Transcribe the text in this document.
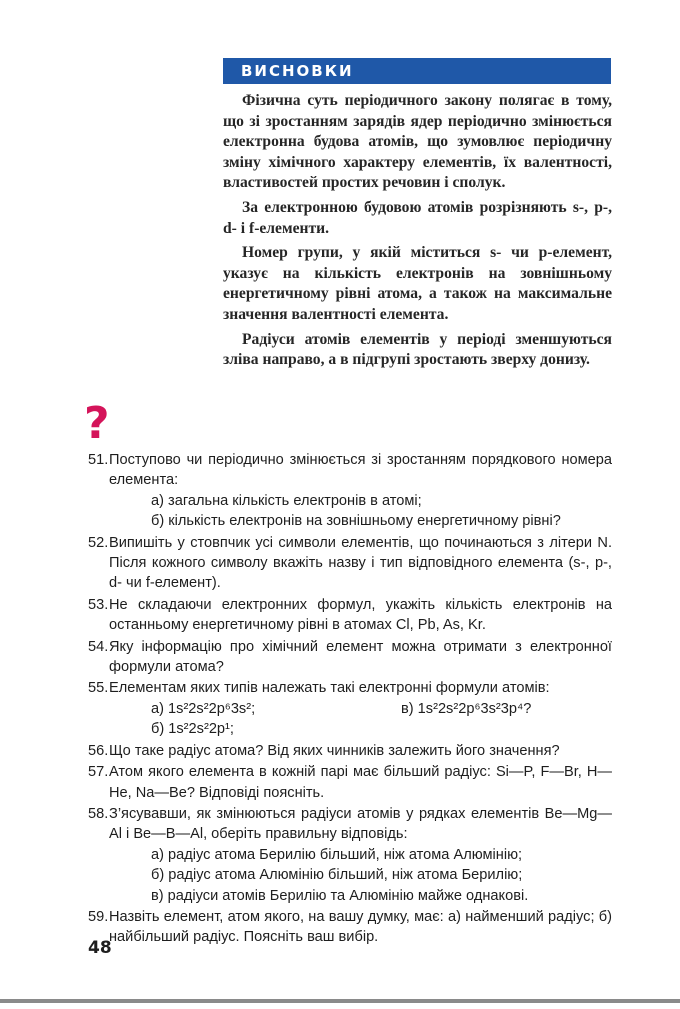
ВИСНОВКИ

Фізична суть періодичного закону полягає в тому, що зі зростанням зарядів ядер періодично змінюється електронна будова атомів, що зумовлює періодичну зміну хімічного характеру елементів, їх валентності, властивостей простих речовин і сполук.

За електронною будовою атомів розрізняють s-, p-, d- і f-елементи.

Номер групи, у якій міститься s- чи p-елемент, указує на кількість електронів на зовнішньому енергетичному рівні атома, а також на максимальне значення валентності елемента.

Радіуси атомів елементів у періоді зменшуються зліва направо, а в підгрупі зростають зверху донизу.

?
51. Поступово чи періодично змінюється зі зростанням порядкового номера елемента:
а) загальна кількість електронів в атомі;
б) кількість електронів на зовнішньому енергетичному рівні?
52. Випишіть у стовпчик усі символи елементів, що починаються з літери N. Після кожного символу вкажіть назву і тип відповідного елемента (s-, p-, d- чи f-елемент).
53. Не складаючи електронних формул, укажіть кількість електронів на останньому енергетичному рівні в атомах Cl, Pb, As, Kr.
54. Яку інформацію про хімічний елемент можна отримати з електронної формули атома?
55. Елементам яких типів належать такі електронні формули атомів:
а) 1s²2s²2p⁶3s²;	в) 1s²2s²2p⁶3s²3p⁴?
б) 1s²2s²2p¹;
56. Що таке радіус атома? Від яких чинників залежить його значення?
57. Атом якого елемента в кожній парі має більший радіус: Si—P, F—Br, H—He, Na—Be? Відповіді поясніть.
58. З’ясувавши, як змінюються радіуси атомів у рядках елементів Be—Mg—Al і Be—B—Al, оберіть правильну відповідь:
а) радіус атома Берилію більший, ніж атома Алюмінію;
б) радіус атома Алюмінію більший, ніж атома Берилію;
в) радіуси атомів Берилію та Алюмінію майже однакові.
59. Назвіть елемент, атом якого, на вашу думку, має: а) найменший радіус; б) найбільший радіус. Поясніть ваш вибір.
48
